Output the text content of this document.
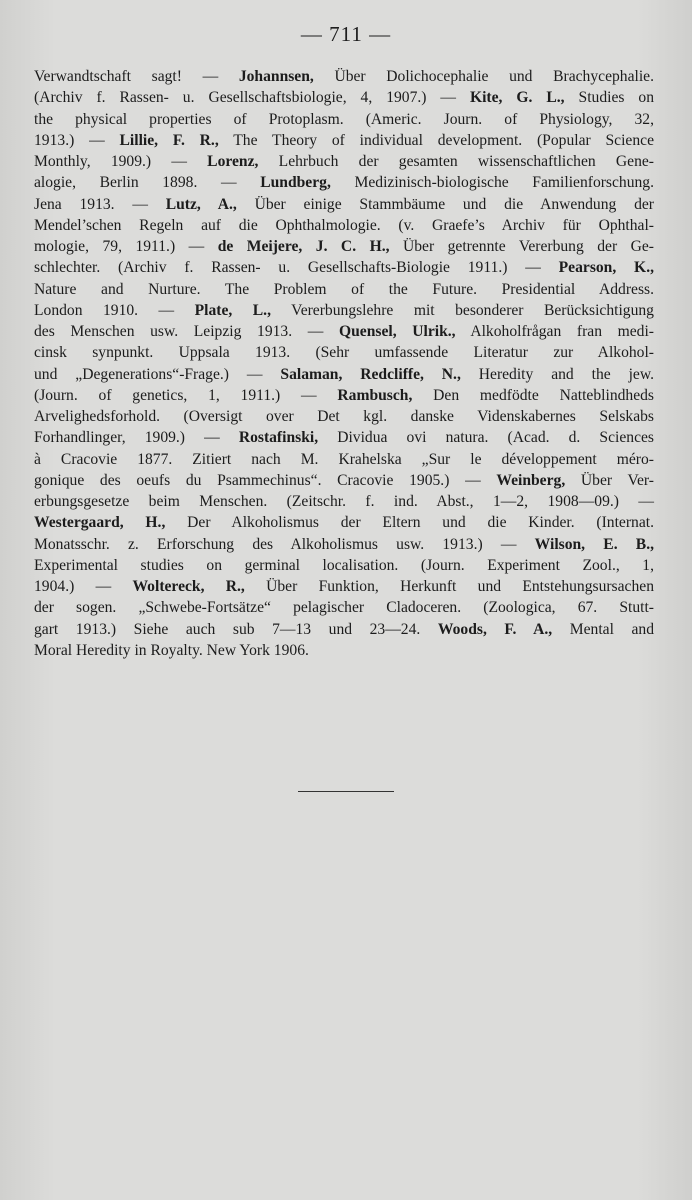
— 711 —
Verwandtschaft sagt! — Johannsen, Über Dolichocephalie und Brachycephalie.
(Archiv f. Rassen- u. Gesellschaftsbiologie, 4, 1907.) — Kite, G. L., Studies on
the physical properties of Protoplasm. (Americ. Journ. of Physiology, 32,
1913.) — Lillie, F. R., The Theory of individual development. (Popular Science
Monthly, 1909.) — Lorenz, Lehrbuch der gesamten wissenschaftlichen Gene-
alogie, Berlin 1898. — Lundberg, Medizinisch-biologische Familienforschung.
Jena 1913. — Lutz, A., Über einige Stammbäume und die Anwendung der
Mendel’schen Regeln auf die Ophthalmologie. (v. Graefe’s Archiv für Ophthal-
mologie, 79, 1911.) — de Meijere, J. C. H., Über getrennte Vererbung der Ge-
schlechter. (Archiv f. Rassen- u. Gesellschafts-Biologie 1911.) — Pearson, K.,
Nature and Nurture. The Problem of the Future. Presidential Address.
London 1910. — Plate, L., Vererbungslehre mit besonderer Berücksichtigung
des Menschen usw. Leipzig 1913. — Quensel, Ulrik., Alkoholfrågan fran medi-
cinsk synpunkt. Uppsala 1913. (Sehr umfassende Literatur zur Alkohol-
und „Degenerations“-Frage.) — Salaman, Redcliffe, N., Heredity and the jew.
(Journ. of genetics, 1, 1911.) — Rambusch, Den medfödte Natteblindheds
Arvelighedsforhold. (Oversigt over Det kgl. danske Videnskabernes Selskabs
Forhandlinger, 1909.) — Rostafinski, Dividua ovi natura. (Acad. d. Sciences
à Cracovie 1877. Zitiert nach M. Krahelska „Sur le développement méro-
gonique des oeufs du Psammechinus“. Cracovie 1905.) — Weinberg, Über Ver-
erbungsgesetze beim Menschen. (Zeitschr. f. ind. Abst., 1—2, 1908—09.) —
Westergaard, H., Der Alkoholismus der Eltern und die Kinder. (Internat.
Monatsschr. z. Erforschung des Alkoholismus usw. 1913.) — Wilson, E. B.,
Experimental studies on germinal localisation. (Journ. Experiment Zool., 1,
1904.) — Woltereck, R., Über Funktion, Herkunft und Entstehungsursachen
der sogen. „Schwebe-Fortsätze“ pelagischer Cladoceren. (Zoologica, 67. Stutt-
gart 1913.) Siehe auch sub 7—13 und 23—24. Woods, F. A., Mental and
Moral Heredity in Royalty. New York 1906.
